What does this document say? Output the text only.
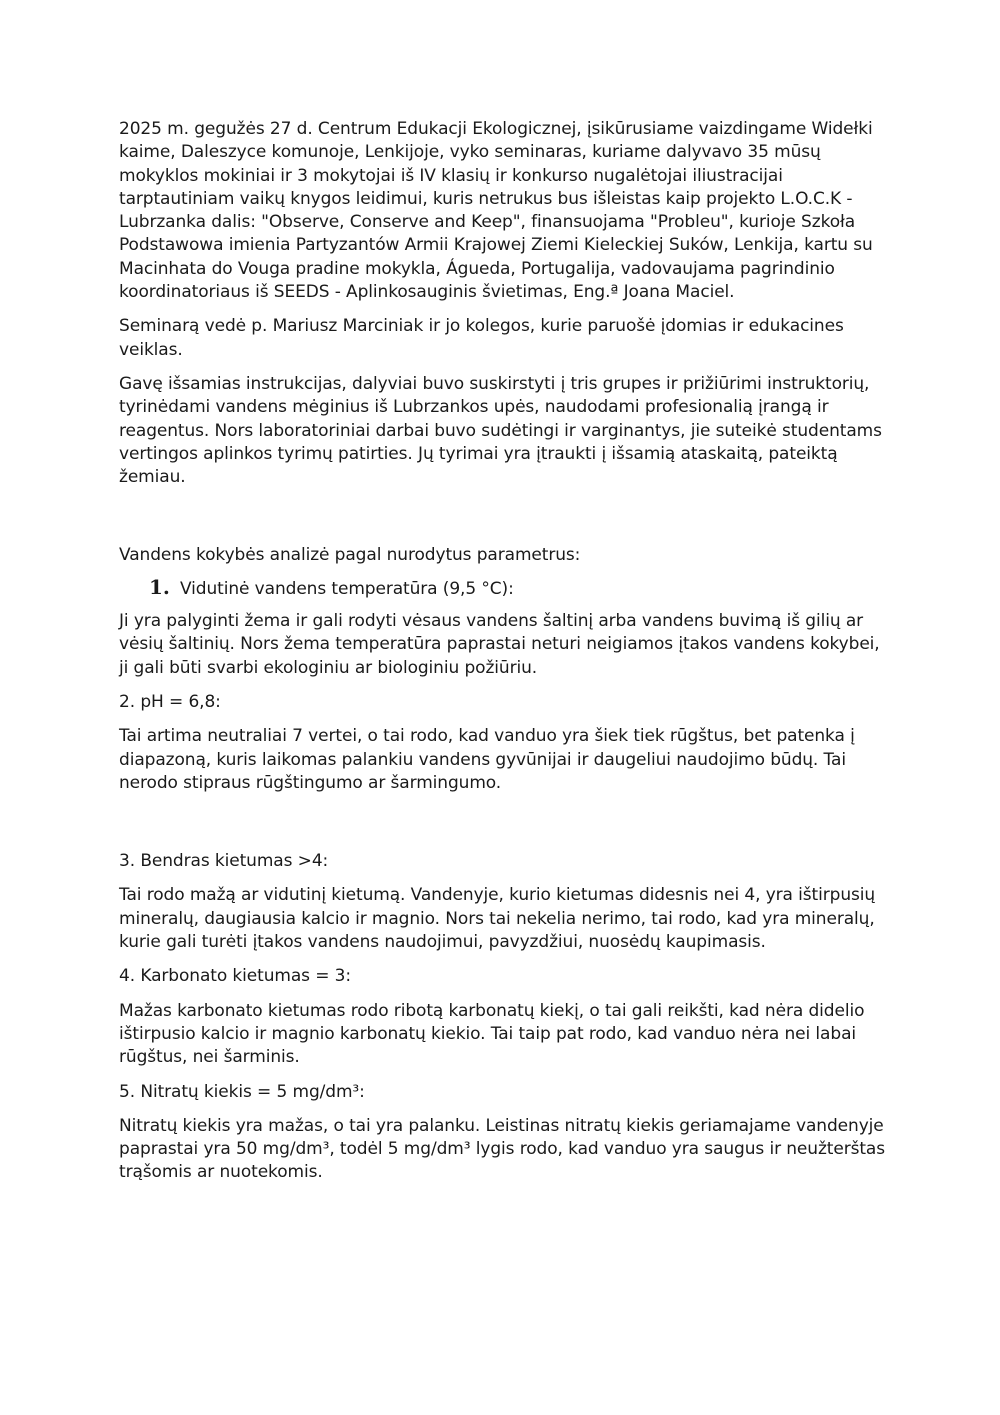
2025 m. gegužės 27 d. Centrum Edukacji Ekologicznej, įsikūrusiame vaizdingame Widełki kaime, Daleszyce komunoje, Lenkijoje, vyko seminaras, kuriame dalyvavo 35 mūsų mokyklos mokiniai ir 3 mokytojai iš IV klasių ir konkurso nugalėtojai iliustracijai tarptautiniam vaikų knygos leidimui, kuris netrukus bus išleistas kaip projekto L.O.C.K - Lubrzanka dalis: "Observe, Conserve and Keep", finansuojama "Probleu", kurioje Szkoła Podstawowa imienia Partyzantów Armii Krajowej Ziemi Kieleckiej Suków, Lenkija, kartu su Macinhata do Vouga pradine mokykla, Águeda, Portugalija, vadovaujama pagrindinio koordinatoriaus iš SEEDS - Aplinkosauginis švietimas, Eng.ª Joana Maciel.

Seminarą vedė p. Mariusz Marciniak ir jo kolegos, kurie paruošė įdomias ir edukacines veiklas.

Gavę išsamias instrukcijas, dalyviai buvo suskirstyti į tris grupes ir prižiūrimi instruktorių, tyrinėdami vandens mėginius iš Lubrzankos upės, naudodami profesionalią įrangą ir reagentus. Nors laboratoriniai darbai buvo sudėtingi ir varginantys, jie suteikė studentams vertingos aplinkos tyrimų patirties. Jų tyrimai yra įtraukti į išsamią ataskaitą, pateiktą žemiau.

Vandens kokybės analizė pagal nurodytus parametrus:

1. Vidutinė vandens temperatūra (9,5 °C):

Ji yra palyginti žema ir gali rodyti vėsaus vandens šaltinį arba vandens buvimą iš gilių ar vėsių šaltinių. Nors žema temperatūra paprastai neturi neigiamos įtakos vandens kokybei, ji gali būti svarbi ekologiniu ar biologiniu požiūriu.

2. pH = 6,8:

Tai artima neutraliai 7 vertei, o tai rodo, kad vanduo yra šiek tiek rūgštus, bet patenka į diapazoną, kuris laikomas palankiu vandens gyvūnijai ir daugeliui naudojimo būdų. Tai nerodo stipraus rūgštingumo ar šarmingumo.

3. Bendras kietumas >4:

Tai rodo mažą ar vidutinį kietumą. Vandenyje, kurio kietumas didesnis nei 4, yra ištirpusių mineralų, daugiausia kalcio ir magnio. Nors tai nekelia nerimo, tai rodo, kad yra mineralų, kurie gali turėti įtakos vandens naudojimui, pavyzdžiui, nuosėdų kaupimasis.

4. Karbonato kietumas = 3:

Mažas karbonato kietumas rodo ribotą karbonatų kiekį, o tai gali reikšti, kad nėra didelio ištirpusio kalcio ir magnio karbonatų kiekio. Tai taip pat rodo, kad vanduo nėra nei labai rūgštus, nei šarminis.

5. Nitratų kiekis = 5 mg/dm³:

Nitratų kiekis yra mažas, o tai yra palanku. Leistinas nitratų kiekis geriamajame vandenyje paprastai yra 50 mg/dm³, todėl 5 mg/dm³ lygis rodo, kad vanduo yra saugus ir neužterštas trąšomis ar nuotekomis.
